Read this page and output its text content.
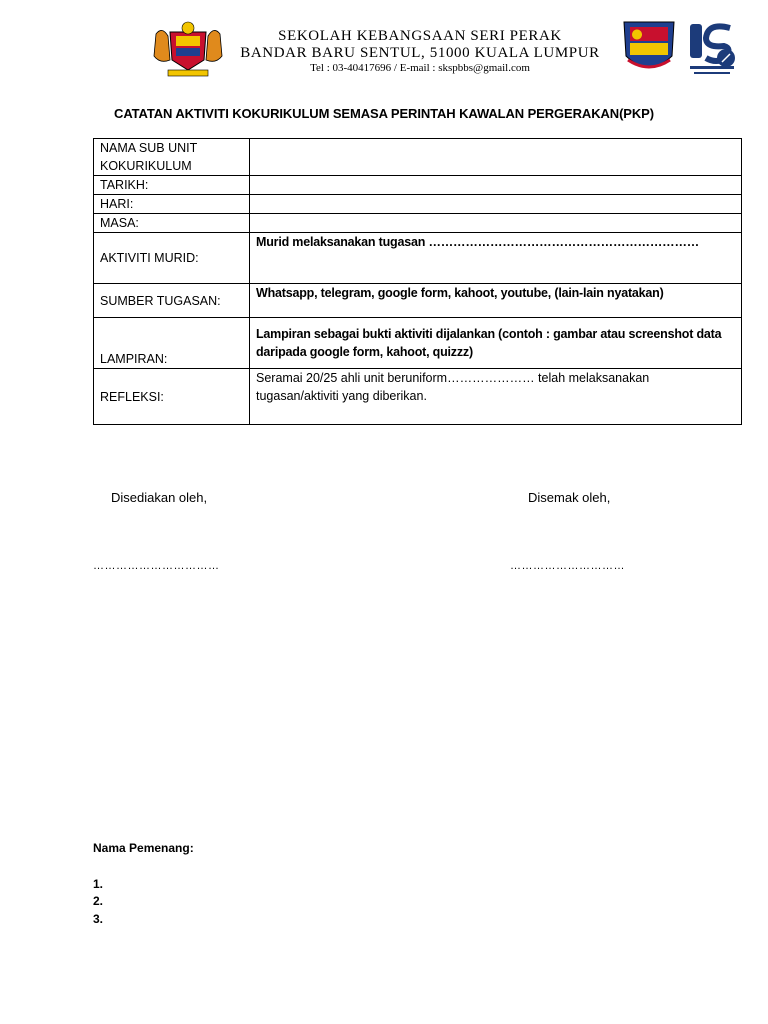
SEKOLAH KEBANGSAAN SERI PERAK
BANDAR BARU SENTUL, 51000 KUALA LUMPUR
Tel : 03-40417696 / E-mail : skspbbs@gmail.com
CATATAN AKTIVITI KOKURIKULUM SEMASA PERINTAH KAWALAN PERGERAKAN(PKP)
NAMA SUB UNIT KOKURIKULUM	
TARIKH:	
HARI:	
MASA:	
AKTIVITI MURID:	Murid melaksanakan tugasan …………………………………………………………
SUMBER TUGASAN:	Whatsapp, telegram, google form, kahoot, youtube, (lain-lain nyatakan)
LAMPIRAN:	Lampiran sebagai bukti aktiviti dijalankan (contoh : gambar atau screenshot data daripada google form, kahoot, quizzz)
REFLEKSI:	Seramai 20/25 ahli unit beruniform………………… telah melaksanakan tugasan/aktiviti yang diberikan.
Disediakan oleh,	Disemak oleh,
……………………………	…………………………
Nama Pemenang:
1.
2.
3.
